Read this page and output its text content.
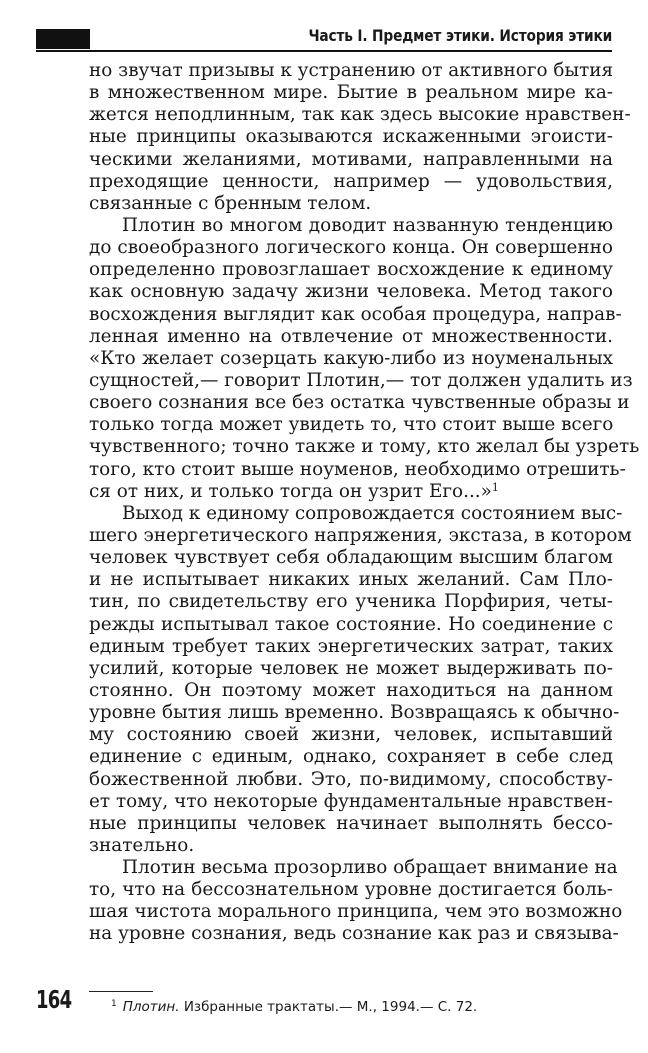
Часть I. Предмет этики. История этики
но звучат призывы к устранению от активного бытия
в множественном мире. Бытие в реальном мире ка-
жется неподлинным, так как здесь высокие нравствен-
ные принципы оказываются искаженными эгоисти-
ческими желаниями, мотивами, направленными на
преходящие ценности, например — удовольствия,
связанные с бренным телом.
Плотин во многом доводит названную тенденцию
до своеобразного логического конца. Он совершенно
определенно провозглашает восхождение к единому
как основную задачу жизни человека. Метод такого
восхождения выглядит как особая процедура, направ-
ленная именно на отвлечение от множественности.
«Кто желает созерцать какую-либо из ноуменальных
сущностей,— говорит Плотин,— тот должен удалить из
своего сознания все без остатка чувственные образы и
только тогда может увидеть то, что стоит выше всего
чувственного; точно также и тому, кто желал бы узреть
того, кто стоит выше ноуменов, необходимо отрешить-
ся от них, и только тогда он узрит Его...»$^1$
Выход к единому сопровождается состоянием выс-
шего энергетического напряжения, экстаза, в котором
человек чувствует себя обладающим высшим благом
и не испытывает никаких иных желаний. Сам Пло-
тин, по свидетельству его ученика Порфирия, четы-
режды испытывал такое состояние. Но соединение с
единым требует таких энергетических затрат, таких
усилий, которые человек не может выдерживать по-
стоянно. Он поэтому может находиться на данном
уровне бытия лишь временно. Возвращаясь к обычно-
му состоянию своей жизни, человек, испытавший
единение с единым, однако, сохраняет в себе след
божественной любви. Это, по-видимому, способству-
ет тому, что некоторые фундаментальные нравствен-
ные принципы человек начинает выполнять бессо-
знательно.
Плотин весьма прозорливо обращает внимание на
то, что на бессознательном уровне достигается боль-
шая чистота морального принципа, чем это возможно
на уровне сознания, ведь сознание как раз и связыва-
164	$^1$ Плотин. Избранные трактаты.— М., 1994.— С. 72.
